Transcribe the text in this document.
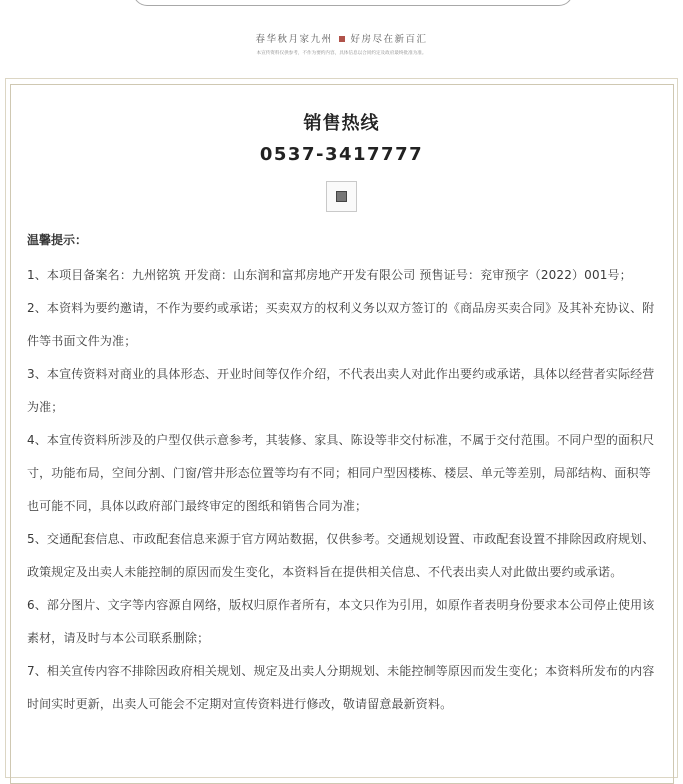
春华秋月家九州 好房尽在新百汇
本宣传资料仅供参考，不作为要约内容，具体信息以合同约定及政府最终批准为准。
销售热线
0537-3417777
温馨提示：
1、本项目备案名：九州铭筑 开发商：山东润和富邦房地产开发有限公司 预售证号：兖审预字（2022）001号；
2、本资料为要约邀请，不作为要约或承诺；买卖双方的权利义务以双方签订的《商品房买卖合同》及其补充协议、附件等书面文件为准；
3、本宣传资料对商业的具体形态、开业时间等仅作介绍，不代表出卖人对此作出要约或承诺，具体以经营者实际经营为准；
4、本宣传资料所涉及的户型仅供示意参考，其装修、家具、陈设等非交付标准，不属于交付范围。不同户型的面积尺寸，功能布局，空间分割、门窗/管井形态位置等均有不同；相同户型因楼栋、楼层、单元等差别，局部结构、面积等也可能不同，具体以政府部门最终审定的图纸和销售合同为准；
5、交通配套信息、市政配套信息来源于官方网站数据，仅供参考。交通规划设置、市政配套设置不排除因政府规划、政策规定及出卖人未能控制的原因而发生变化，本资料旨在提供相关信息、不代表出卖人对此做出要约或承诺。
6、部分图片、文字等内容源自网络，版权归原作者所有，本文只作为引用，如原作者表明身份要求本公司停止使用该素材，请及时与本公司联系删除；
7、相关宣传内容不排除因政府相关规划、规定及出卖人分期规划、未能控制等原因而发生变化；本资料所发布的内容时间实时更新，出卖人可能会不定期对宣传资料进行修改，敬请留意最新资料。
